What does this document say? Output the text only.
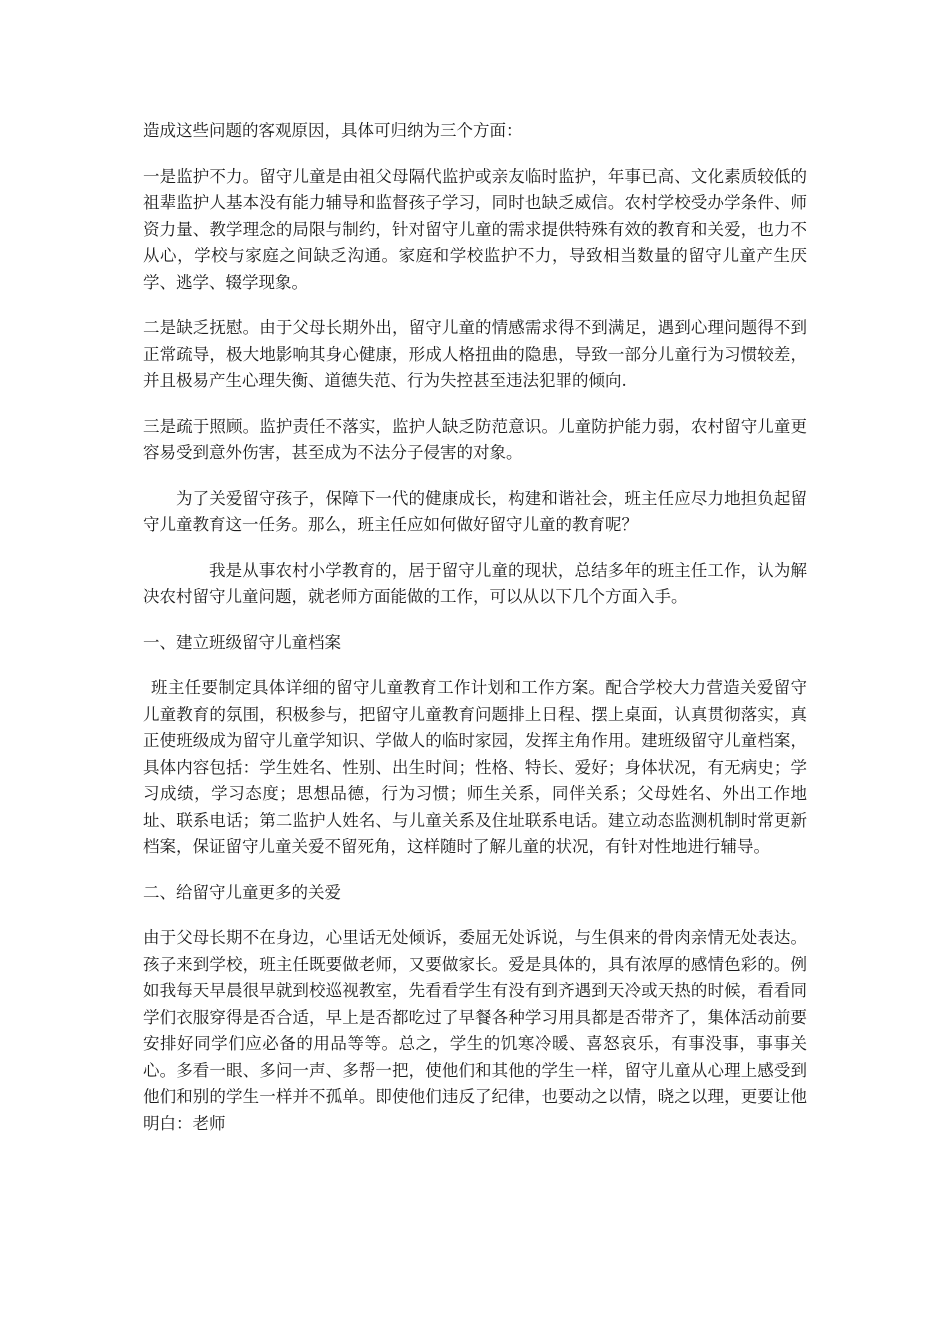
造成这些问题的客观原因，具体可归纳为三个方面：

一是监护不力。留守儿童是由祖父母隔代监护或亲友临时监护，年事已高、文化素质较低的祖辈监护人基本没有能力辅导和监督孩子学习，同时也缺乏威信。农村学校受办学条件、师资力量、教学理念的局限与制约，针对留守儿童的需求提供特殊有效的教育和关爱，也力不从心，学校与家庭之间缺乏沟通。家庭和学校监护不力，导致相当数量的留守儿童产生厌学、逃学、辍学现象。

二是缺乏抚慰。由于父母长期外出，留守儿童的情感需求得不到满足，遇到心理问题得不到正常疏导，极大地影响其身心健康，形成人格扭曲的隐患，导致一部分儿童行为习惯较差，并且极易产生心理失衡、道德失范、行为失控甚至违法犯罪的倾向.

三是疏于照顾。监护责任不落实，监护人缺乏防范意识。儿童防护能力弱，农村留守儿童更容易受到意外伤害，甚至成为不法分子侵害的对象。

为了关爱留守孩子，保障下一代的健康成长，构建和谐社会，班主任应尽力地担负起留守儿童教育这一任务。那么，班主任应如何做好留守儿童的教育呢？

我是从事农村小学教育的，居于留守儿童的现状，总结多年的班主任工作，认为解决农村留守儿童问题，就老师方面能做的工作，可以从以下几个方面入手。

一、建立班级留守儿童档案

班主任要制定具体详细的留守儿童教育工作计划和工作方案。配合学校大力营造关爱留守儿童教育的氛围，积极参与，把留守儿童教育问题排上日程、摆上桌面，认真贯彻落实，真正使班级成为留守儿童学知识、学做人的临时家园，发挥主角作用。建班级留守儿童档案，具体内容包括：学生姓名、性别、出生时间；性格、特长、爱好；身体状况，有无病史；学习成绩，学习态度；思想品德，行为习惯；师生关系，同伴关系；父母姓名、外出工作地址、联系电话；第二监护人姓名、与儿童关系及住址联系电话。建立动态监测机制时常更新档案，保证留守儿童关爱不留死角，这样随时了解儿童的状况，有针对性地进行辅导。

二、给留守儿童更多的关爱

由于父母长期不在身边，心里话无处倾诉，委屈无处诉说，与生俱来的骨肉亲情无处表达。孩子来到学校，班主任既要做老师，又要做家长。爱是具体的，具有浓厚的感情色彩的。例如我每天早晨很早就到校巡视教室，先看看学生有没有到齐遇到天冷或天热的时候，看看同学们衣服穿得是否合适，早上是否都吃过了早餐各种学习用具都是否带齐了，集体活动前要安排好同学们应必备的用品等等。总之，学生的饥寒冷暖、喜怒哀乐，有事没事，事事关心。多看一眼、多问一声、多帮一把，使他们和其他的学生一样，留守儿童从心理上感受到他们和别的学生一样并不孤单。即使他们违反了纪律，也要动之以情，晓之以理，更要让他明白：老师
